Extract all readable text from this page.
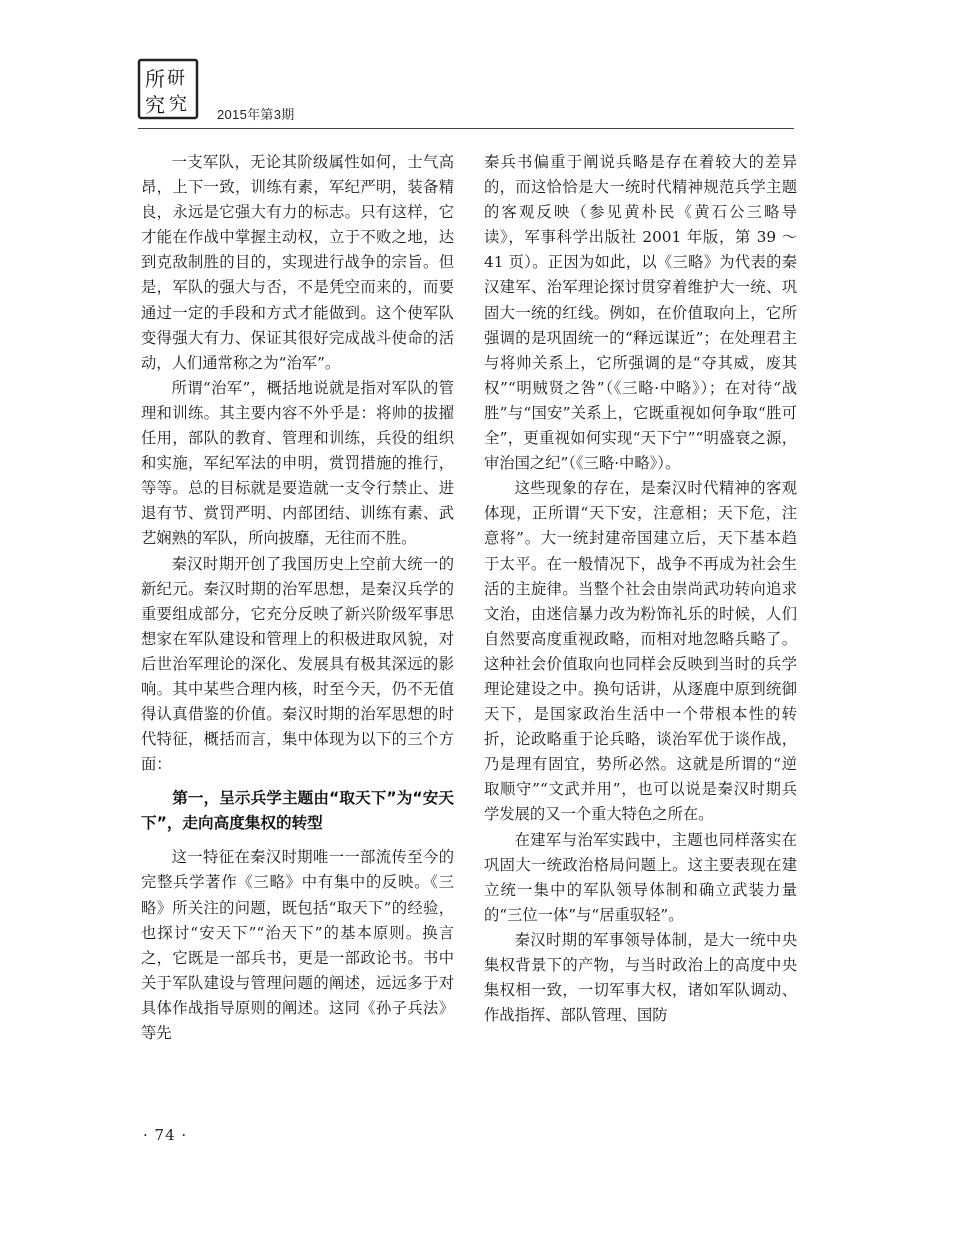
所 研
究 究 2015年第3期

一支军队，无论其阶级属性如何，士气高昂，上下一致，训练有素，军纪严明，装备精良，永远是它强大有力的标志。只有这样，它才能在作战中掌握主动权，立于不败之地，达到克敌制胜的目的，实现进行战争的宗旨。但是，军队的强大与否，不是凭空而来的，而要通过一定的手段和方式才能做到。这个使军队变得强大有力、保证其很好完成战斗使命的活动，人们通常称之为“治军”。

所谓“治军”，概括地说就是指对军队的管理和训练。其主要内容不外乎是：将帅的拔擢任用，部队的教育、管理和训练，兵役的组织和实施，军纪军法的申明，赏罚措施的推行，等等。总的目标就是要造就一支令行禁止、进退有节、赏罚严明、内部团结、训练有素、武艺娴熟的军队，所向披靡，无往而不胜。

秦汉时期开创了我国历史上空前大统一的新纪元。秦汉时期的治军思想，是秦汉兵学的重要组成部分，它充分反映了新兴阶级军事思想家在军队建设和管理上的积极进取风貌，对后世治军理论的深化、发展具有极其深远的影响。其中某些合理内核，时至今天，仍不无值得认真借鉴的价值。秦汉时期的治军思想的时代特征，概括而言，集中体现为以下的三个方面：

第一，呈示兵学主题由“取天下”为“安天下”，走向高度集权的转型

这一特征在秦汉时期唯一一部流传至今的完整兵学著作《三略》中有集中的反映。《三略》所关注的问题，既包括“取天下”的经验，也探讨“安天下”“治天下”的基本原则。换言之，它既是一部兵书，更是一部政论书。书中关于军队建设与管理问题的阐述，远远多于对具体作战指导原则的阐述。这同《孙子兵法》等先

秦兵书偏重于阐说兵略是存在着较大的差异的，而这恰恰是大一统时代精神规范兵学主题的客观反映（参见黄朴民《黄石公三略导读》，军事科学出版社 2001 年版，第 39 ～ 41 页）。正因为如此，以《三略》为代表的秦汉建军、治军理论探讨贯穿着维护大一统、巩固大一统的红线。例如，在价值取向上，它所强调的是巩固统一的“释远谋近”；在处理君主与将帅关系上，它所强调的是“夺其威，废其权”“明贼贤之咎”（《三略·中略》）；在对待“战胜”与“国安”关系上，它既重视如何争取“胜可全”，更重视如何实现“天下宁”“明盛衰之源，审治国之纪”（《三略·中略》）。

这些现象的存在，是秦汉时代精神的客观体现，正所谓“天下安，注意相；天下危，注意将”。大一统封建帝国建立后，天下基本趋于太平。在一般情况下，战争不再成为社会生活的主旋律。当整个社会由崇尚武功转向追求文治，由迷信暴力改为粉饰礼乐的时候，人们自然要高度重视政略，而相对地忽略兵略了。这种社会价值取向也同样会反映到当时的兵学理论建设之中。换句话讲，从逐鹿中原到统御天下，是国家政治生活中一个带根本性的转折，论政略重于论兵略，谈治军优于谈作战，乃是理有固宜，势所必然。这就是所谓的“逆取顺守”“文武并用”，也可以说是秦汉时期兵学发展的又一个重大特色之所在。

在建军与治军实践中，主题也同样落实在巩固大一统政治格局问题上。这主要表现在建立统一集中的军队领导体制和确立武装力量的“三位一体”与“居重驭轻”。

秦汉时期的军事领导体制，是大一统中央集权背景下的产物，与当时政治上的高度中央集权相一致，一切军事大权，诸如军队调动、作战指挥、部队管理、国防

· 74 ·
